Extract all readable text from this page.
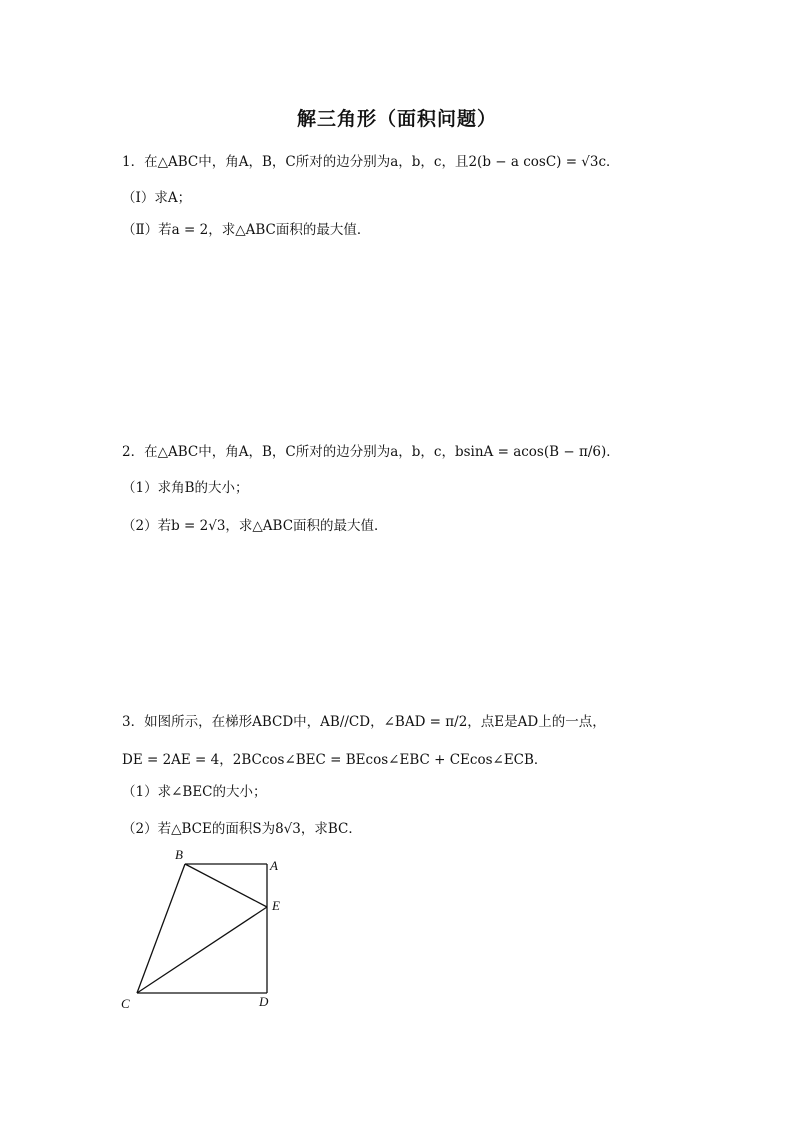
解三角形（面积问题）
1．在△ABC中，角A，B，C所对的边分别为a，b，c，且2(b − a cosC) = √3c．
（Ⅰ）求A；
（Ⅱ）若a = 2，求△ABC面积的最大值．
2．在△ABC中，角A，B，C所对的边分别为a，b，c，bsinA = acos(B − π/6)．
（1）求角B的大小；
（2）若b = 2√3，求△ABC面积的最大值．
3．如图所示，在梯形ABCD中，AB//CD，∠BAD = π/2，点E是AD上的一点，
DE = 2AE = 4，2BCcos∠BEC = BEcos∠EBC + CEcos∠ECB．
（1）求∠BEC的大小；
（2）若△BCE的面积S为8√3，求BC．
B
A
E
C	D
